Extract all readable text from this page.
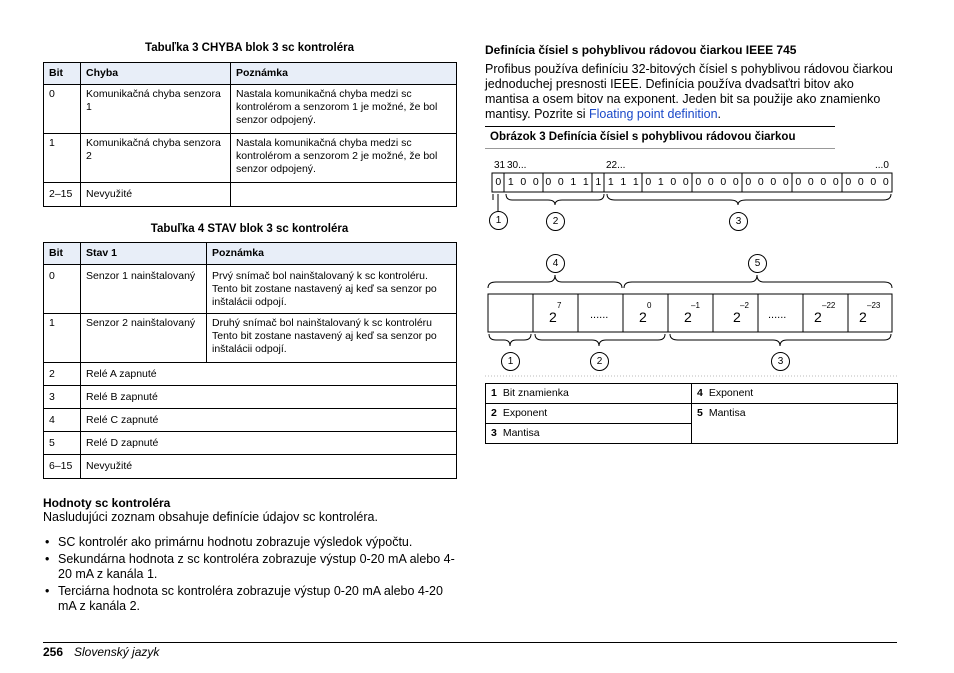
Tabuľka 3 CHYBA blok 3 sc kontroléra
Bit	Chyba	Poznámka
0	Komunikačná chyba senzora 1	Nastala komunikačná chyba medzi sc kontrolérom a senzorom 1 je možné, že bol senzor odpojený.
1	Komunikačná chyba senzora 2	Nastala komunikačná chyba medzi sc kontrolérom a senzorom 2 je možné, že bol senzor odpojený.
2–15	Nevyužité	
Tabuľka 4 STAV blok 3 sc kontroléra
Bit	Stav 1	Poznámka
0	Senzor 1 nainštalovaný	Prvý snímač bol nainštalovaný k sc kontroléru. Tento bit zostane nastavený aj keď sa senzor po inštalácii odpojí.
1	Senzor 2 nainštalovaný	Druhý snímač bol nainštalovaný k sc kontroléru Tento bit zostane nastavený aj keď sa senzor po inštalácii odpojí.
2	Relé A zapnuté	
3	Relé B zapnuté	
4	Relé C zapnuté	
5	Relé D zapnuté	
6–15	Nevyužité	
Hodnoty sc kontroléra
Nasludujúci zoznam obsahuje definície údajov sc kontroléra.
• SC kontrolér ako primárnu hodnotu zobrazuje výsledok výpočtu.
• Sekundárna hodnota z sc kontroléra zobrazuje výstup 0-20 mA alebo 4-20 mA z kanála 1.
• Terciárna hodnota sc kontroléra zobrazuje výstup 0-20 mA alebo 4-20 mA z kanála 2.
Definícia čísiel s pohyblivou rádovou čiarkou IEEE 745
Profibus používa definíciu 32-bitových čísiel s pohyblivou rádovou čiarkou jednoduchej presnosti IEEE. Definícia používa dvadsaťtri bitov ako mantisa a osem bitov na exponent. Jeden bit sa použije ako znamienko mantisy. Pozrite si Floating point definition.
Obrázok 3 Definícia čísiel s pohyblivou rádovou čiarkou
31 30...	22...	...0
0 1 0 0 0 0 1 1 1 1 1 1 0 1 0 0 0 0 0 0 0 0 0 0 0 0 0 0 0 0 0 0
1	2	3
4	5
1	2	3
2
7
...... 2
0
2
–1
2
–2
...... 2
–22
2
–23
1 Bit znamienka	4 Exponent
2 Exponent	5 Mantisa
3 Mantisa	
256 Slovenský jazyk
